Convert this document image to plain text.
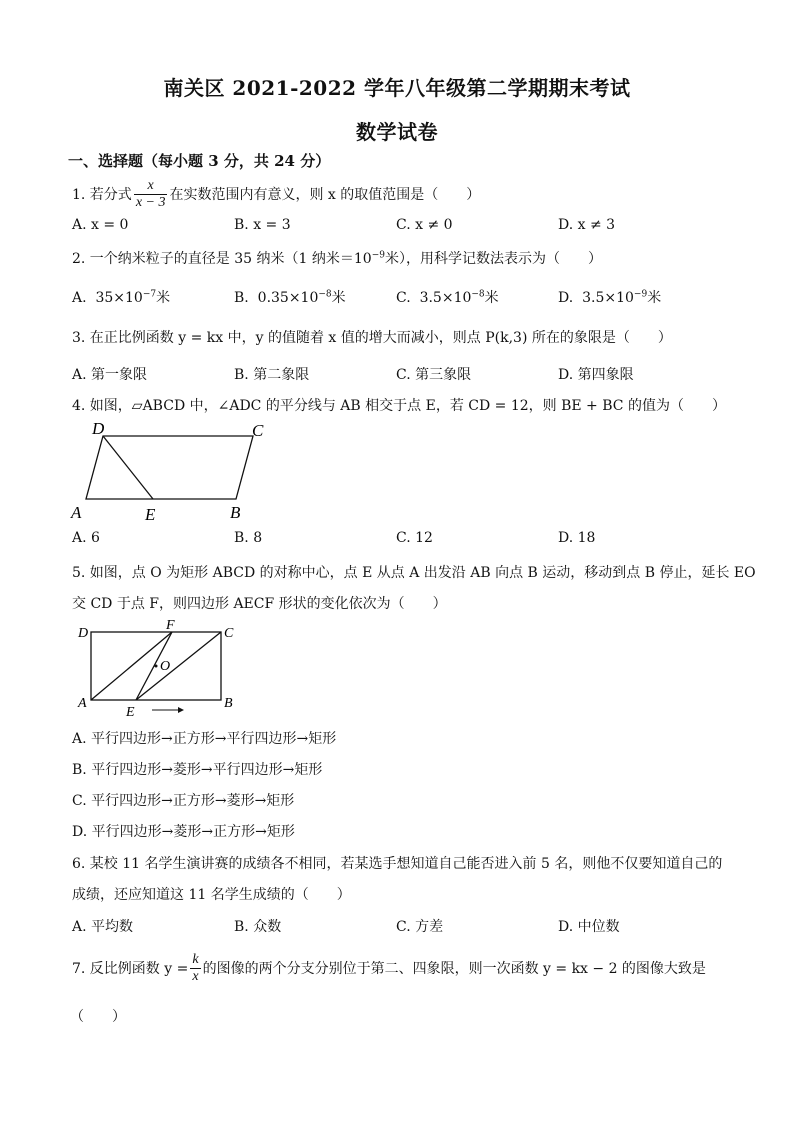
南关区 2021-2022 学年八年级第二学期期末考试
数学试卷
一、选择题（每小题 3 分，共 24 分）
1. 若分式 $\frac{x}{x - 3}$ 在实数范围内有意义，则 x 的取值范围是（　　）
A. x = 0	B. x = 3	C. x ≠ 0	D. x ≠ 3
2. 一个纳米粒子的直径是 35 纳米（1 纳米$=10^{-9}$米），用科学记数法表示为（　　）
A. $35\times 10^{-7}$米	B. $0.35\times 10^{-8}$米	C. $3.5\times 10^{-8}$米	D. $3.5\times 10^{-9}$米
3. 在正比例函数 y = kx 中，y 的值随着 x 值的增大而减小，则点 P(k,3) 所在的象限是（　　）
A. 第一象限	B. 第二象限	C. 第三象限	D. 第四象限
4. 如图，▱ABCD 中，∠ADC 的平分线与 AB 相交于点 E，若 CD = 12，则 BE + BC 的值为（　　）
D	C
A	E	B
A. 6	B. 8	C. 12	D. 18
5. 如图，点 O 为矩形 ABCD 的对称中心，点 E 从点 A 出发沿 AB 向点 B 运动，移动到点 B 停止，延长 EO
交 CD 于点 F，则四边形 AECF 形状的变化依次为（　　）
D
F
C
O
A
E
B
A. 平行四边形→正方形→平行四边形→矩形
B. 平行四边形→菱形→平行四边形→矩形
C. 平行四边形→正方形→菱形→矩形
D. 平行四边形→菱形→正方形→矩形
6. 某校 11 名学生演讲赛的成绩各不相同，若某选手想知道自己能否进入前 5 名，则他不仅要知道自己的
成绩，还应知道这 11 名学生成绩的（　　）
A. 平均数	B. 众数	C. 方差	D. 中位数
7. 反比例函数 $y = \frac{k}{x}$ 的图像的两个分支分别位于第二、四象限，则一次函数 y = kx − 2 的图像大致是
（　　）
